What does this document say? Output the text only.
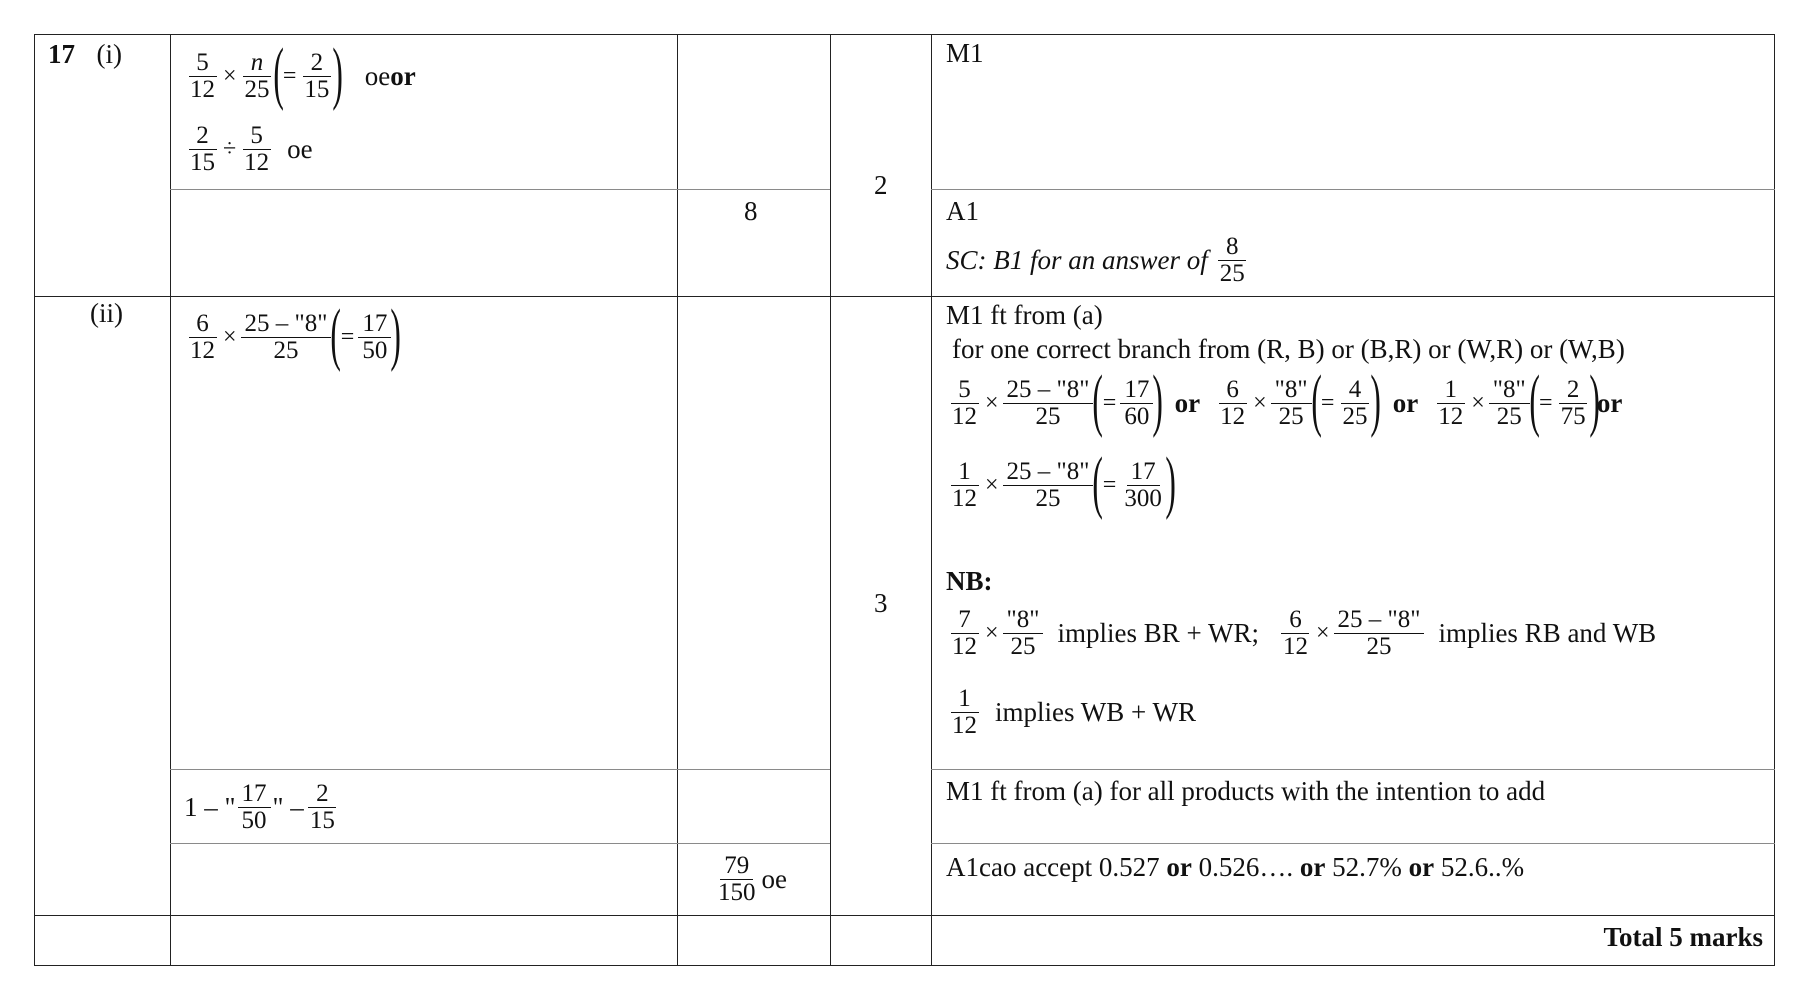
17 (i)
(ii)
$\frac{5}{12} \times \frac{n}{25}$ ( = $\frac{2}{15}$
) oe or
$\frac{2}{15} \div \frac{5}{12}$ oe
8
2
M1
A1
SC: B1 for an answer of $\frac{8}{25}$
$\frac{6}{12} \times \frac{25 - "8"}{25}$ ( = $\frac{17}{50}$
)
1 – " $\frac{17}{50}$ " – $\frac{2}{15}$
$\frac{79}{150}$ oe
3
M1 ft from (a)
for one correct branch from (R, B) or (B,R) or (W,R) or (W,B)
$\frac{5}{12} \times \frac{25 - "8"}{25}$ ( = $\frac{17}{60}$
) or $\frac{6}{12} \times \frac{"8"}{25}$ ( = $\frac{4}{25}$
) or $\frac{1}{12} \times \frac{"8"}{25}$ ( = $\frac{2}{75}$
) or
$\frac{1}{12} \times \frac{25 - "8"}{25}$ ( = $\frac{17}{300}$
)
NB:
$\frac{7}{12} \times \frac{"8"}{25}$ implies BR + WR; $\frac{6}{12} \times \frac{25 - "8"}{25}$ implies RB and WB
$\frac{1}{12}$ implies WB + WR
M1 ft from (a) for all products with the intention to add
A1cao accept 0.527 or 0.526…. or 52.7% or 52.6..%
Total 5 marks
